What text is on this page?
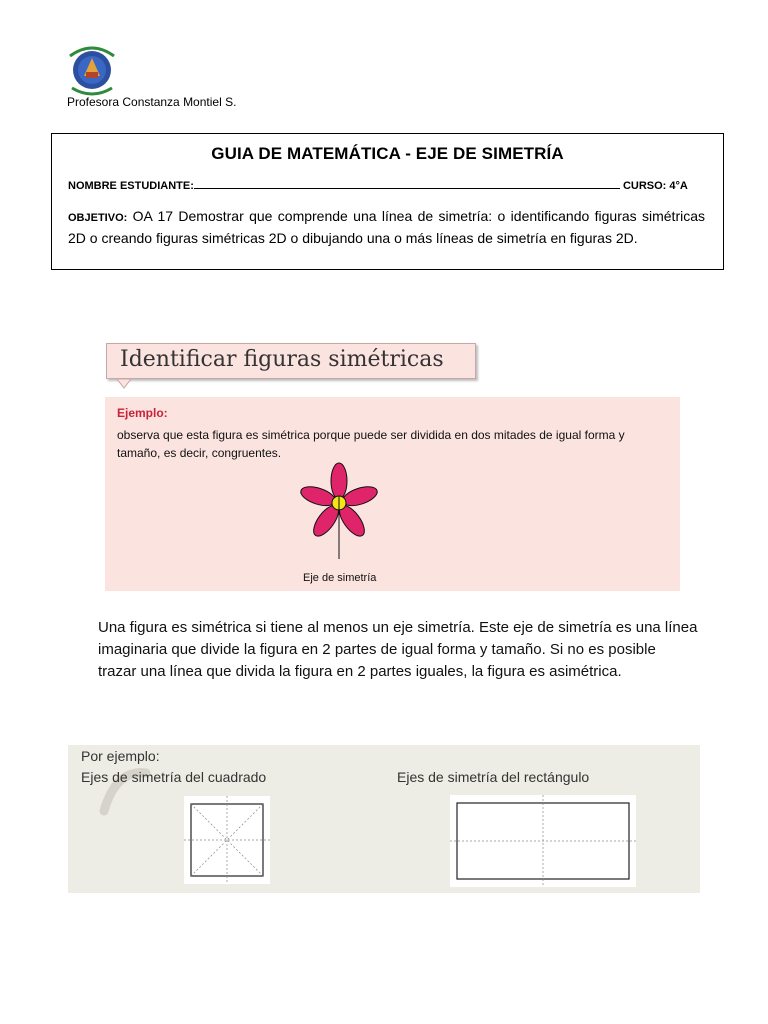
Profesora Constanza Montiel S.
GUIA DE MATEMÁTICA - EJE DE SIMETRÍA
NOMBRE ESTUDIANTE:	CURSO: 4°A
OBJETIVO: OA 17 Demostrar que comprende una línea de simetría: o identificando figuras simétricas 2D o creando figuras simétricas 2D o dibujando una o más líneas de simetría en figuras 2D.
Identificar figuras simétricas
Ejemplo:
observa que esta figura es simétrica porque puede ser dividida en dos mitades de igual forma y tamaño, es decir, congruentes.
Eje de simetría
Una figura es simétrica si tiene al menos un eje simetría. Este eje de simetría es una línea imaginaria que divide la figura en 2 partes de igual forma y tamaño. Si no es posible trazar una línea que divida la figura en 2 partes iguales, la figura es asimétrica.
Por ejemplo:
Ejes de simetría del cuadrado	Ejes de simetría del rectángulo
